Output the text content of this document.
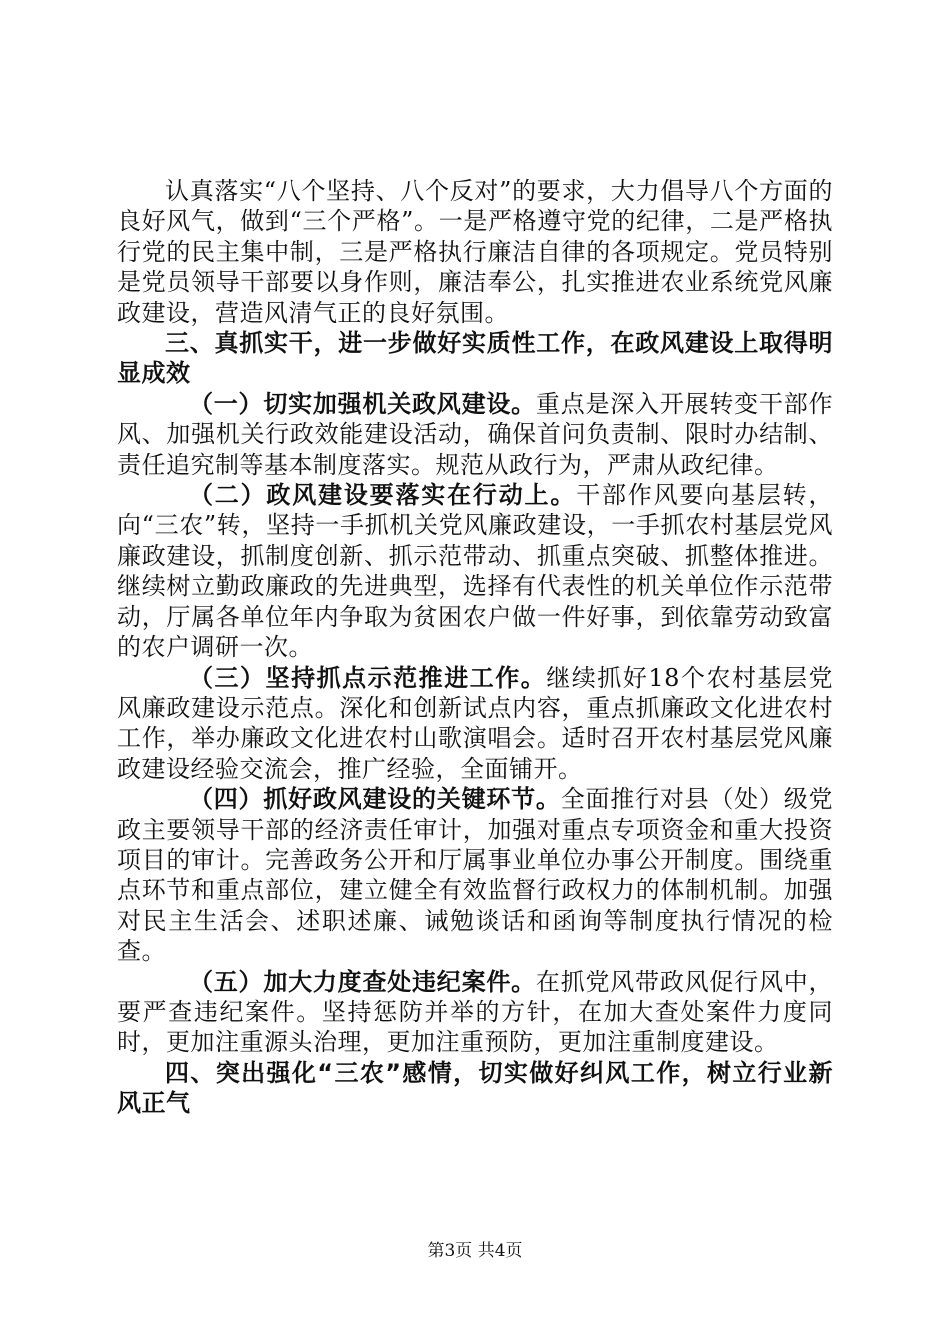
认真落实“八个坚持、八个反对”的要求，大力倡导八个方面的良好风气，做到“三个严格”。一是严格遵守党的纪律，二是严格执行党的民主集中制，三是严格执行廉洁自律的各项规定。党员特别是党员领导干部要以身作则，廉洁奉公，扎实推进农业系统党风廉政建设，营造风清气正的良好氛围。

三、真抓实干，进一步做好实质性工作，在政风建设上取得明显成效

（一）切实加强机关政风建设。重点是深入开展转变干部作风、加强机关行政效能建设活动，确保首问负责制、限时办结制、责任追究制等基本制度落实。规范从政行为，严肃从政纪律。

（二）政风建设要落实在行动上。干部作风要向基层转，向“三农”转，坚持一手抓机关党风廉政建设，一手抓农村基层党风廉政建设，抓制度创新、抓示范带动、抓重点突破、抓整体推进。继续树立勤政廉政的先进典型，选择有代表性的机关单位作示范带动，厅属各单位年内争取为贫困农户做一件好事，到依靠劳动致富的农户调研一次。

（三）坚持抓点示范推进工作。继续抓好18个农村基层党风廉政建设示范点。深化和创新试点内容，重点抓廉政文化进农村工作，举办廉政文化进农村山歌演唱会。适时召开农村基层党风廉政建设经验交流会，推广经验，全面铺开。

（四）抓好政风建设的关键环节。全面推行对县（处）级党政主要领导干部的经济责任审计，加强对重点专项资金和重大投资项目的审计。完善政务公开和厅属事业单位办事公开制度。围绕重点环节和重点部位，建立健全有效监督行政权力的体制机制。加强对民主生活会、述职述廉、诫勉谈话和函询等制度执行情况的检查。

（五）加大力度查处违纪案件。在抓党风带政风促行风中，要严查违纪案件。坚持惩防并举的方针，在加大查处案件力度同时，更加注重源头治理，更加注重预防，更加注重制度建设。

四、突出强化“三农”感情，切实做好纠风工作，树立行业新风正气

第3页 共4页
